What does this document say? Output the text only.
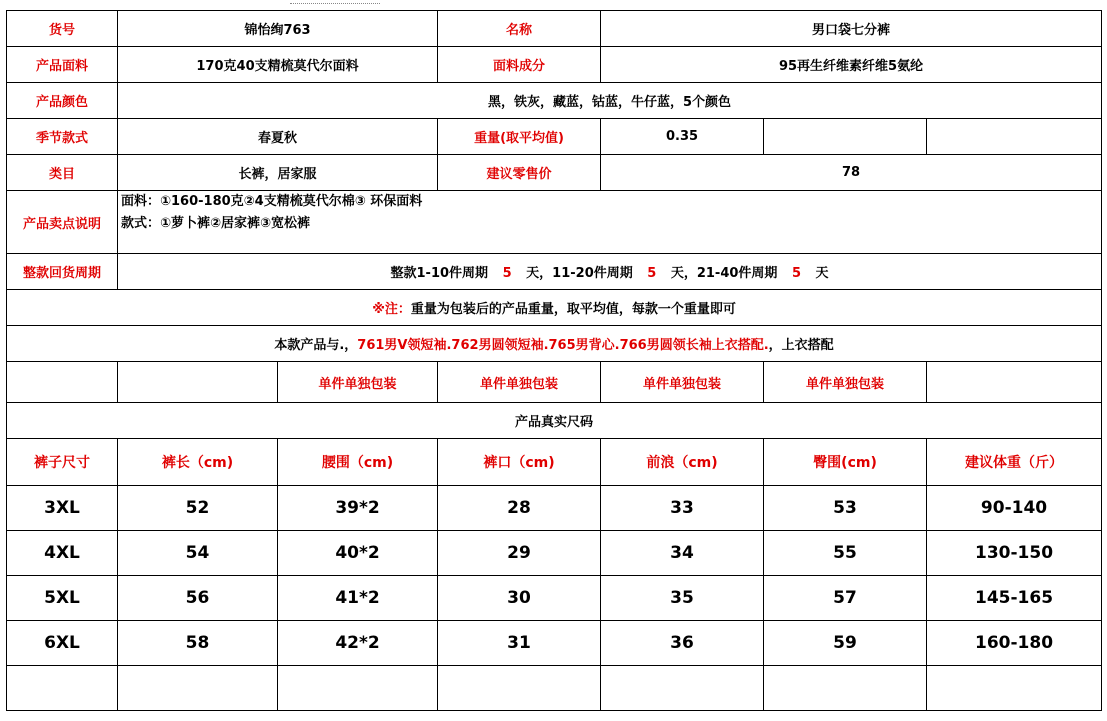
货号	锦怡绚763		名称	男口袋七分裤		
产品面料	170克40支精梳莫代尔面料		面料成分	95再生纤维素纤维5氨纶		
产品颜色	黑，铁灰，藏蓝，钴蓝，牛仔蓝，5个颜色					
季节款式	春夏秋		重量(取平均值)	0.35		
类目	长裤，居家服		建议零售价	78		
产品卖点说明	面料：①160-180克②4支精梳莫代尔棉③ 环保面料
款式：①萝卜裤②居家裤③宽松裤					

整款回货周期	整款1-10件周期 5 天，11-20件周期 5 天，21-40件周期 5 天					
※注：重量为包装后的产品重量，取平均值，每款一个重量即可						
本款产品与.，761男V领短袖.762男圆领短袖.765男背心.766男圆领长袖上衣搭配.，上衣搭配						
		单件单独包装	单件单独包装	单件单独包装	单件单独包装	
产品真实尺码						
裤子尺寸	裤长（cm)	腰围（cm)	裤口（cm)	前浪（cm)	臀围(cm)	建议体重（斤）
3XL	52	39*2	28	33	53	90-140
4XL	54	40*2	29	34	55	130-150
5XL	56	41*2	30	35	57	145-165
6XL	58	42*2	31	36	59	160-180
